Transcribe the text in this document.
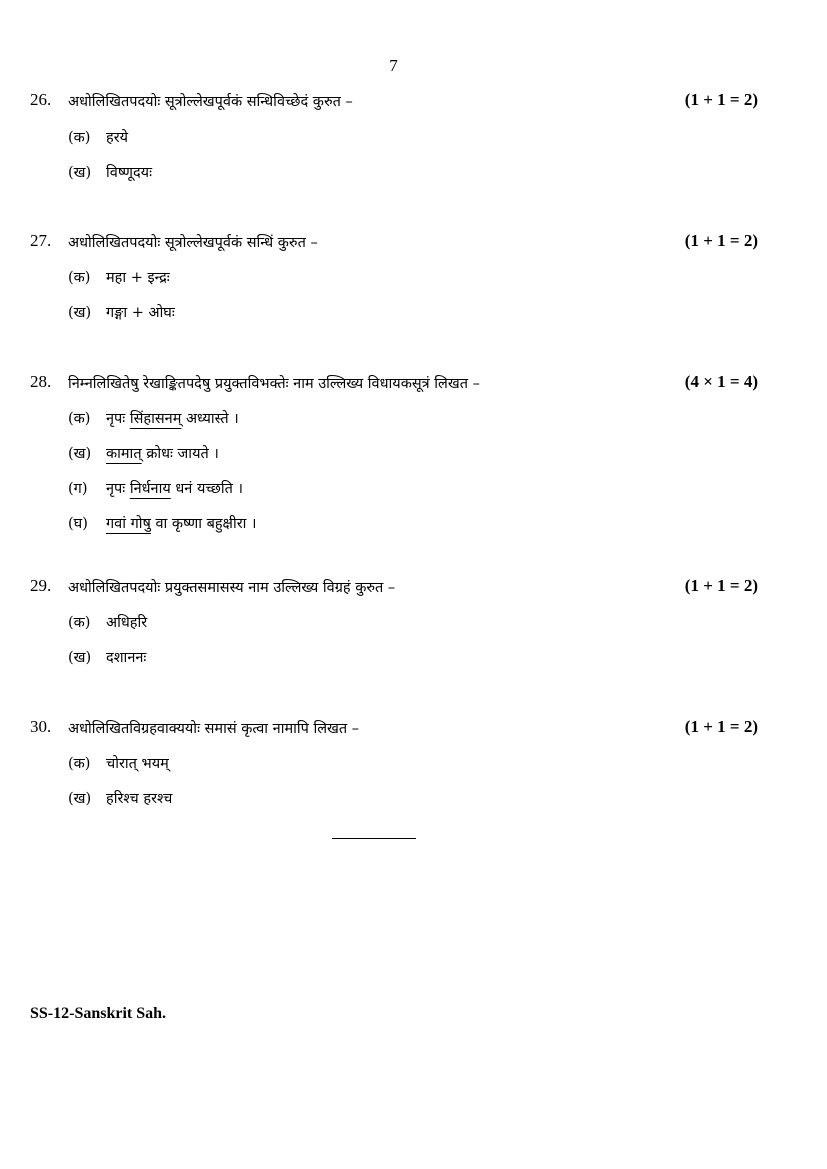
7
26. अधोलिखितपदयोः सूत्रोल्लेखपूर्वकं सन्धिविच्छेदं कुरुत –	(1 + 1 = 2)
(क) हरये
(ख) विष्णूदयः
27. अधोलिखितपदयोः सूत्रोल्लेखपूर्वकं सन्धिं कुरुत –	(1 + 1 = 2)
(क) महा + इन्द्रः
(ख) गङ्गा + ओघः
28. निम्नलिखितेषु रेखाङ्कितपदेषु प्रयुक्तविभक्तेः नाम उल्लिख्य विधायकसूत्रं लिखत –	(4 × 1 = 4)
(क) नृपः सिंहासनम् अध्यास्ते ।
(ख) कामात् क्रोधः जायते ।
(ग) नृपः निर्धनाय धनं यच्छति ।
(घ) गवां गोषु वा कृष्णा बहुक्षीरा ।
29. अधोलिखितपदयोः प्रयुक्तसमासस्य नाम उल्लिख्य विग्रहं कुरुत –	(1 + 1 = 2)
(क) अधिहरि
(ख) दशाननः
30. अधोलिखितविग्रहवाक्ययोः समासं कृत्वा नामापि लिखत –	(1 + 1 = 2)
(क) चोरात् भयम्
(ख) हरिश्च हरश्च
SS-12-Sanskrit Sah.
